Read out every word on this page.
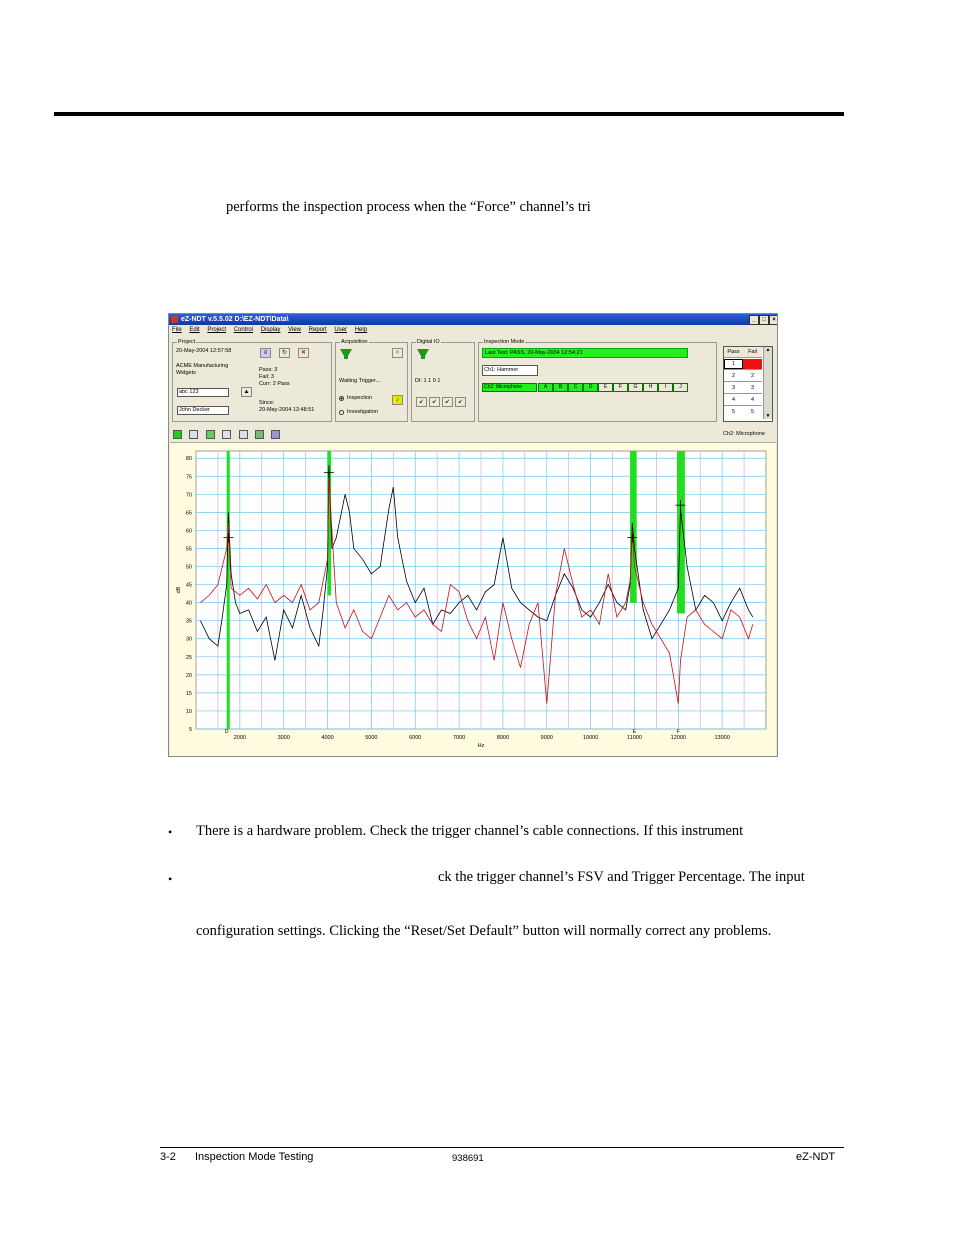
performs the inspection process when the “Force” channel’s tri
eZ-NDT v.5.5.02 D:\EZ-NDT\Data\	_	□	×
File Edit Project Control Display View Report User Help
Project
20-May-2004 12:57:58
ACME Manufacturing
Widgets
abc 123
John Decker
▲
≡	↻	✕
Pass: 3
Fail: 3
Curr: 2 Pass
Since:
20-May-2004 12:48:51
Acquisition
✕
Waiting Trigger...
Inspection
Investigation
♪
Digital IO
DI: 1 1 0 1
↙	↙	↙	↙
Inspection Mode
Last Test: PASS, 20-May-2004 12:54:21
Ch1: Hammer
Ch2: Microphone	A	B	C	D	E	F	G	H	I	J
Pass	Fail
1
2	2
3	3
4	4
5	5
▲
▼
Ch2: Microphone
80
75
70
65
60
55
50
45
40
35
30
25
20
15
10
5
2000	3000	4000	5000	6000	7000	8000	9000	10000	11000	12000	13000
Hz
dB
D	E	F
• There is a hardware problem. Check the trigger channel’s cable connections. If this instrument
•	ck the trigger channel’s FSV and Trigger Percentage. The input
configuration settings. Clicking the “Reset/Set Default” button will normally correct any problems.
3-2 Inspection Mode Testing	938691	eZ-NDT
